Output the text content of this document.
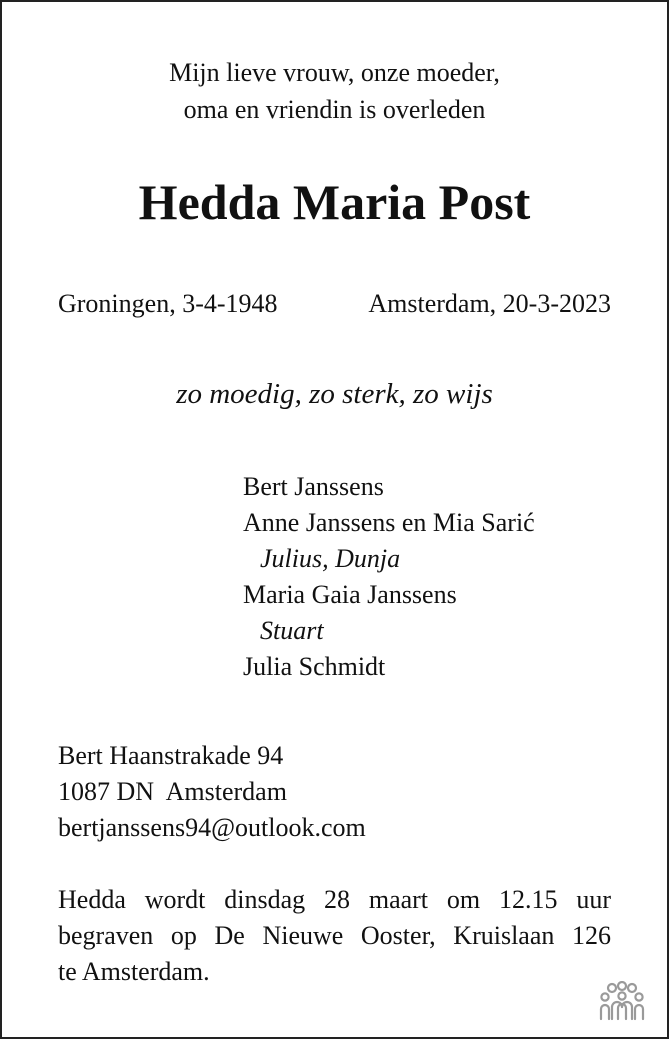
Mijn lieve vrouw, onze moeder,
oma en vriendin is overleden
Hedda Maria Post
Groningen, 3-4-1948	Amsterdam, 20-3-2023
zo moedig, zo sterk, zo wijs
Bert Janssens
Anne Janssens en Mia Sarić
Julius, Dunja
Maria Gaia Janssens
Stuart
Julia Schmidt
Bert Haanstrakade 94
1087 DN  Amsterdam
bertjanssens94@outlook.com
Hedda wordt dinsdag 28 maart om 12.15 uur
begraven op De Nieuwe Ooster, Kruislaan 126
te Amsterdam.
